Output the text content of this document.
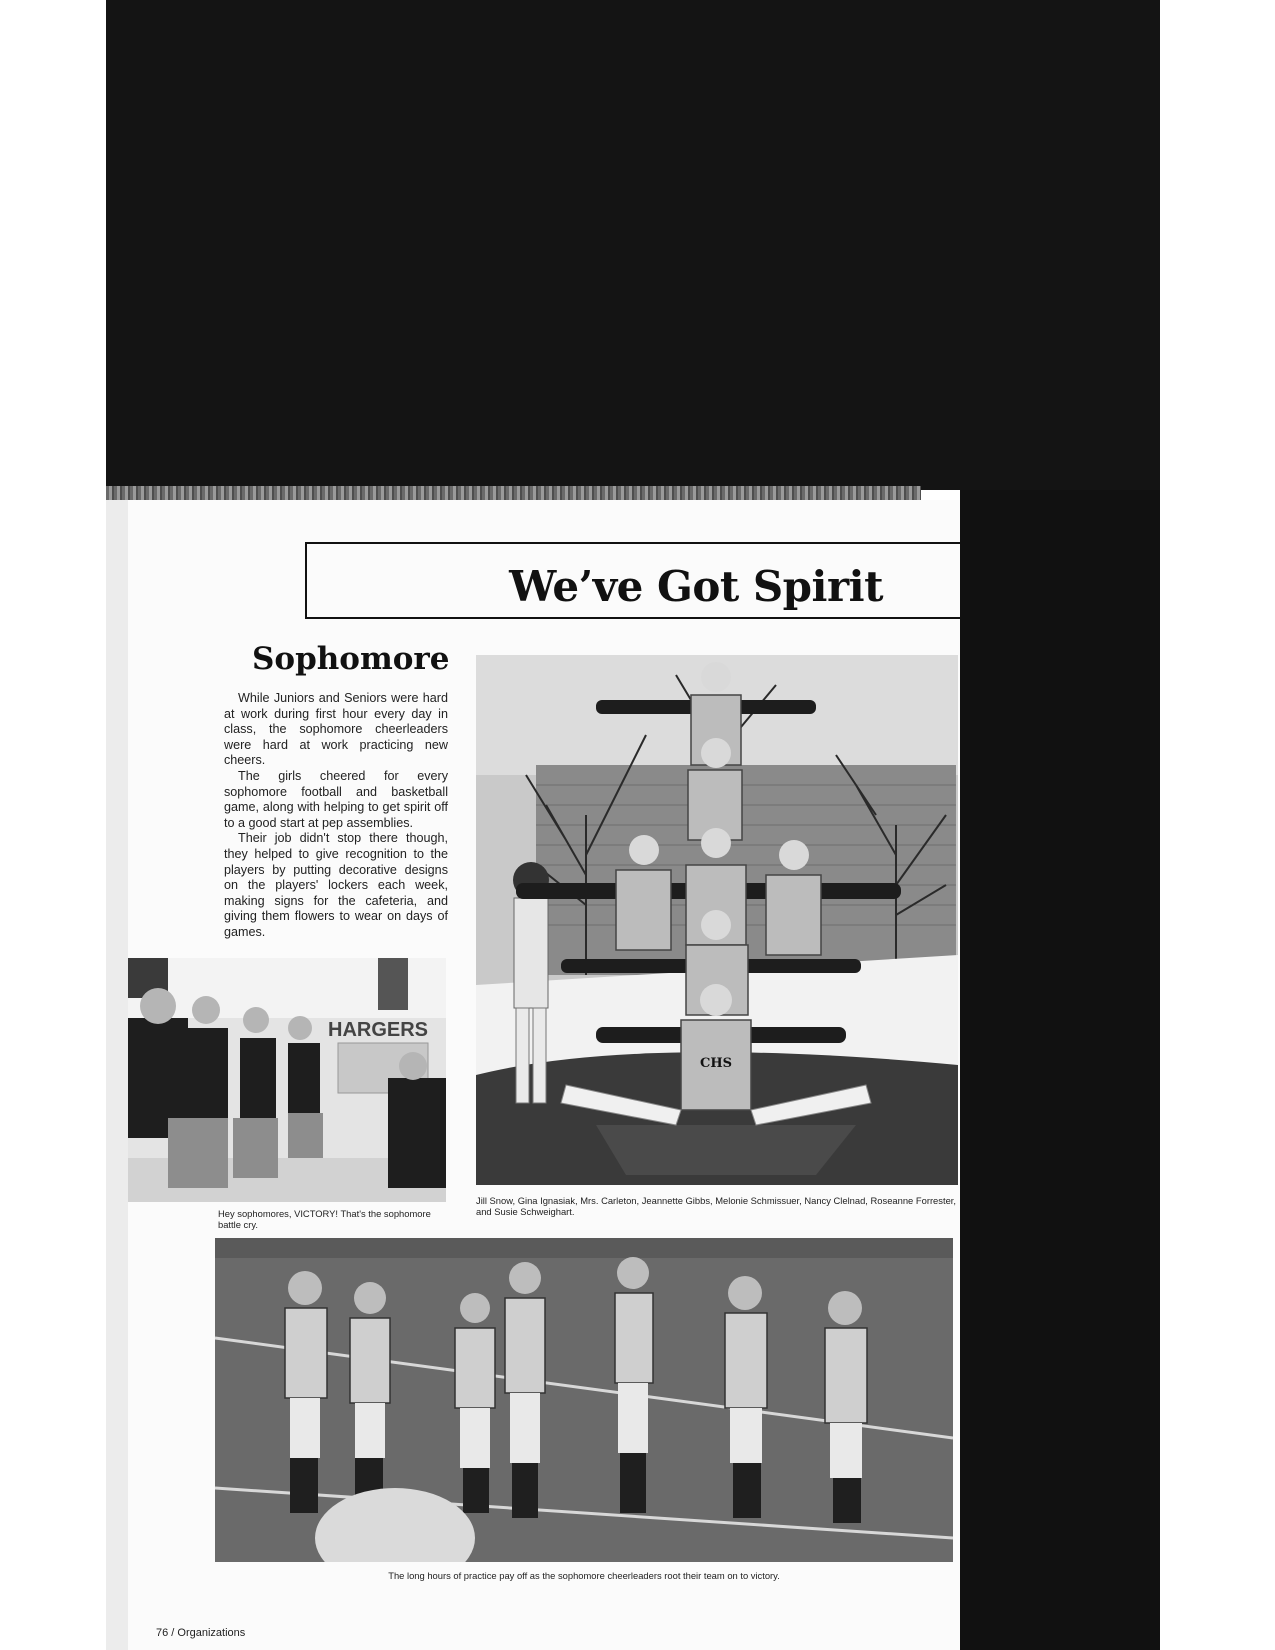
We’ve Got Spirit
Sophomore

While Juniors and Seniors were hard at work during first hour every day in class, the sophomore cheerleaders were hard at work practicing new cheers.

The girls cheered for every sophomore football and basketball game, along with helping to get spirit off to a good start at pep assemblies.

Their job didn't stop there though, they helped to give recognition to the players by putting decorative designs on the players' lockers each week, making signs for the cafeteria, and giving them flowers to wear on days of games.

CHS
Jill Snow, Gina Ignasiak, Mrs. Carleton, Jeannette Gibbs, Melonie Schmissuer, Nancy Clelnad, Roseanne Forrester, and Susie Schweighart.
HARGERS
Hey sophomores, VICTORY! That's the sophomore battle cry.
The long hours of practice pay off as the sophomore cheerleaders root their team on to victory.
76 / Organizations
